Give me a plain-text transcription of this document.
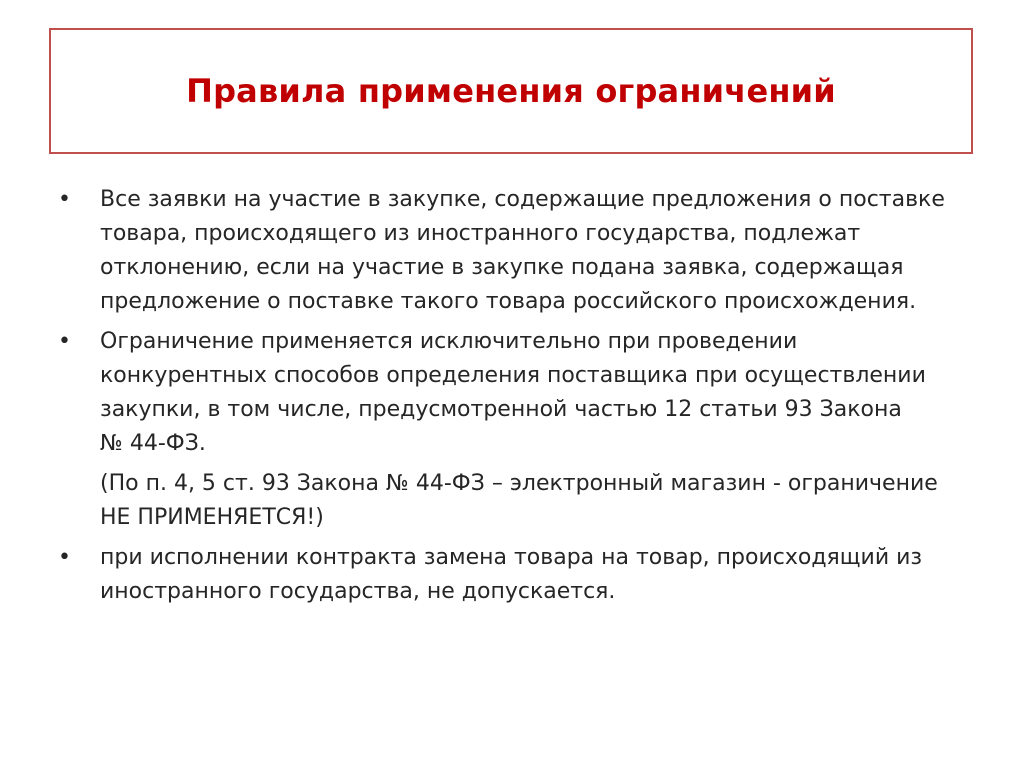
Правила применения ограничений
•	Все заявки на участие в закупке, содержащие предложения о поставке
товара, происходящего из иностранного государства, подлежат
отклонению, если на участие в закупке подана заявка, содержащая
предложение о поставке такого товара российского происхождения.
•	Ограничение применяется исключительно при проведении
конкурентных способов определения поставщика при осуществлении
закупки, в том числе, предусмотренной частью 12 статьи 93 Закона
№ 44-ФЗ.
(По п. 4, 5 ст. 93 Закона № 44-ФЗ – электронный магазин - ограничение
НЕ ПРИМЕНЯЕТСЯ!)
•	при исполнении контракта замена товара на товар, происходящий из
иностранного государства, не допускается.
